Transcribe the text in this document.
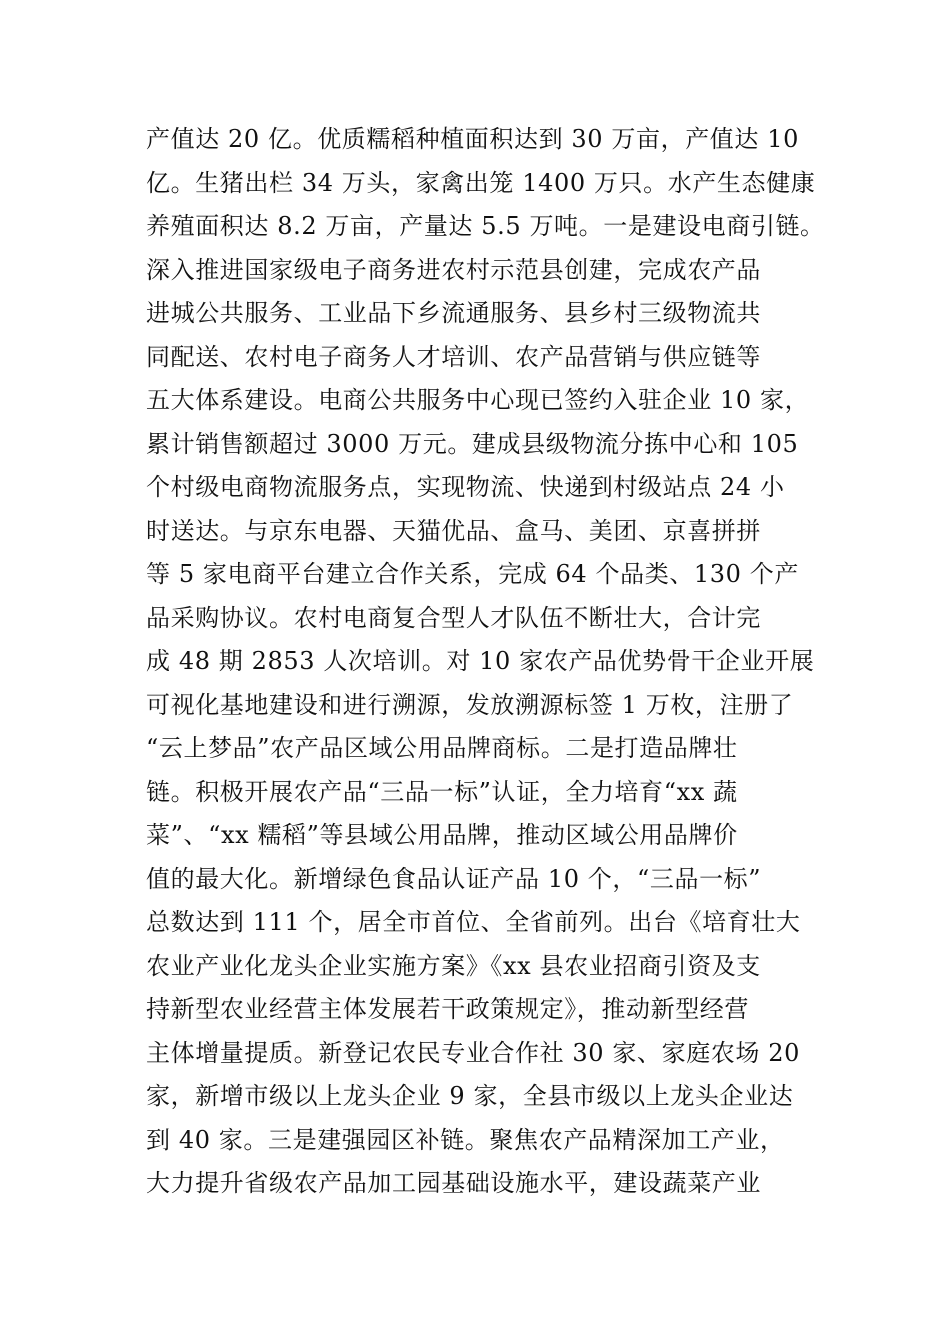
产值达 20 亿。优质糯稻种植面积达到 30 万亩，产值达 10
亿。生猪出栏 34 万头，家禽出笼 1400 万只。水产生态健康
养殖面积达 8.2 万亩，产量达 5.5 万吨。一是建设电商引链。
深入推进国家级电子商务进农村示范县创建，完成农产品
进城公共服务、工业品下乡流通服务、县乡村三级物流共
同配送、农村电子商务人才培训、农产品营销与供应链等
五大体系建设。电商公共服务中心现已签约入驻企业 10 家，
累计销售额超过 3000 万元。建成县级物流分拣中心和 105
个村级电商物流服务点，实现物流、快递到村级站点 24 小
时送达。与京东电器、天猫优品、盒马、美团、京喜拼拼
等 5 家电商平台建立合作关系，完成 64 个品类、130 个产
品采购协议。农村电商复合型人才队伍不断壮大，合计完
成 48 期 2853 人次培训。对 10 家农产品优势骨干企业开展
可视化基地建设和进行溯源，发放溯源标签 1 万枚，注册了
“云上梦品”农产品区域公用品牌商标。二是打造品牌壮
链。积极开展农产品“三品一标”认证，全力培育“xx 蔬
菜”、“xx 糯稻”等县域公用品牌，推动区域公用品牌价
值的最大化。新增绿色食品认证产品 10 个，“三品一标”
总数达到 111 个，居全市首位、全省前列。出台《培育壮大
农业产业化龙头企业实施方案》《xx 县农业招商引资及支
持新型农业经营主体发展若干政策规定》，推动新型经营
主体增量提质。新登记农民专业合作社 30 家、家庭农场 20
家，新增市级以上龙头企业 9 家，全县市级以上龙头企业达
到 40 家。三是建强园区补链。聚焦农产品精深加工产业，
大力提升省级农产品加工园基础设施水平，建设蔬菜产业
